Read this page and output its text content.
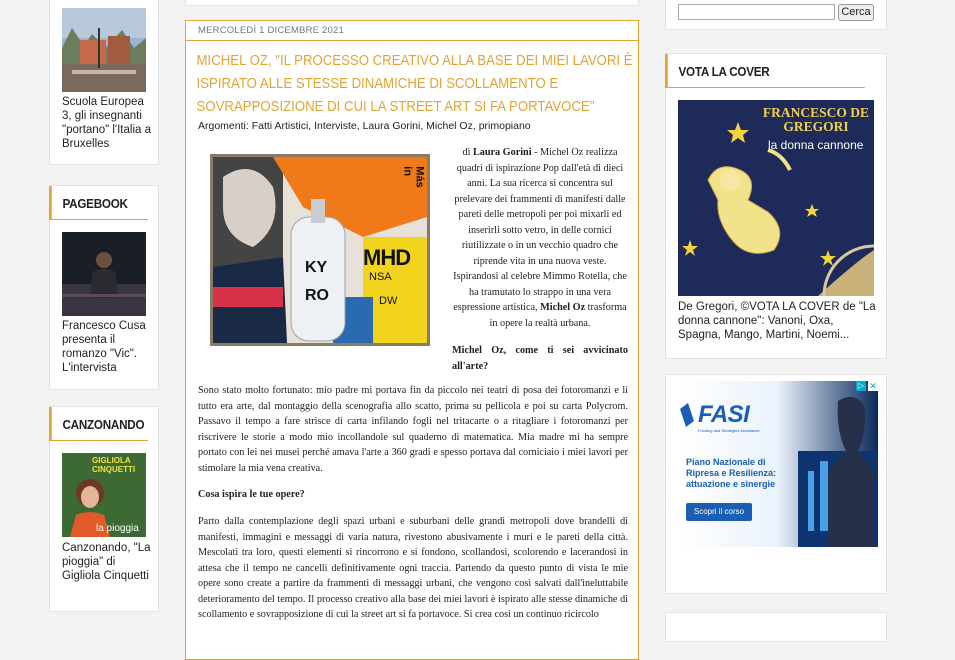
Scuola Europea 3, gli insegnanti "portano" l'Italia a Bruxelles
PAGEBOOK
Francesco Cusa presenta il romanzo "Vic". L'intervista
CANZONANDO
GIGLIOLA CINQUETTI
la pioggia
Canzonando, "La pioggia" di Gigliola Cinquetti
MERCOLEDÌ 1 DICEMBRE 2021
MICHEL OZ, "IL PROCESSO CREATIVO ALLA BASE DEI MIEI LAVORI È ISPIRATO ALLE STESSE DINAMICHE DI SCOLLAMENTO E SOVRAPPOSIZIONE DI CUI LA STREET ART SI FA PORTAVOCE"
Argomenti: Fatti Artistici, Interviste, Laura Gorini, Michel Oz, primopiano
Más
in
KY
RO
MHD
NSA
DW
di Laura Gorini - Michel Oz realizza quadri di ispirazione Pop dall'età di dieci anni. La sua ricerca si concentra sul prelevare dei frammenti di manifesti dalle pareti delle metropoli per poi mixarli ed inserirli sotto vetro, in delle cornici riutilizzate o in un vecchio quadro che riprende vita in una nuova veste. Ispirandosi al celebre Mimmo Rotella, che ha tramutato lo strappo in una vera espressione artistica, Michel Oz trasforma in opere la realtà urbana.
Michel Oz, come ti sei avvicinato all'arte?
Sono stato molto fortunato: mio padre mi portava fin da piccolo nei teatri di posa dei fotoromanzi e lì tutto era arte, dal montaggio della scenografia allo scatto, prima su pellicola e poi su carta Polycrom. Passavo il tempo a fare strisce di carta infilando fogli nel tritacarte o a ritagliare i fotoromanzi per riscrivere le storie a modo mio incollandole sul quaderno di matematica. Mia madre mi ha sempre portato con lei nei musei perché amava l'arte a 360 gradi e spesso portava dal corniciaio i miei lavori per stimolare la mia vena creativa.
Cosa ispira le tue opere?
Parto dalla contemplazione degli spazi urbani e suburbani delle grandi metropoli dove brandelli di manifesti, immagini e messaggi di varia natura, rivestono abusivamente i muri e le pareti della città. Mescolati tra loro, questi elementi si rincorrono e si fondono, scollandosi, scolorendo e lacerandosi in attesa che il tempo ne cancelli definitivamente ogni traccia. Partendo da questo punto di vista le mie opere sono create a partire da frammenti di messaggi urbani, che vengono così salvati dall'ineluttabile deterioramento del tempo. Il processo creativo alla base dei miei lavori è ispirato alle stesse dinamiche di scollamento e sovrapposizione di cui la street art si fa portavoce. Si crea così un continuo ricircolo
Cerca
VOTA LA COVER
FRANCESCO DE GREGORI
la donna cannone
De Gregori, ©VOTA LA COVER de "La donna cannone": Vanoni, Oxa, Spagna, Mango, Martini, Noemi...
▷ ✕
FASI
Funding and Strategies Assistance
Piano Nazionale di Ripresa e Resilienza: attuazione e sinergie
Scopri il corso
